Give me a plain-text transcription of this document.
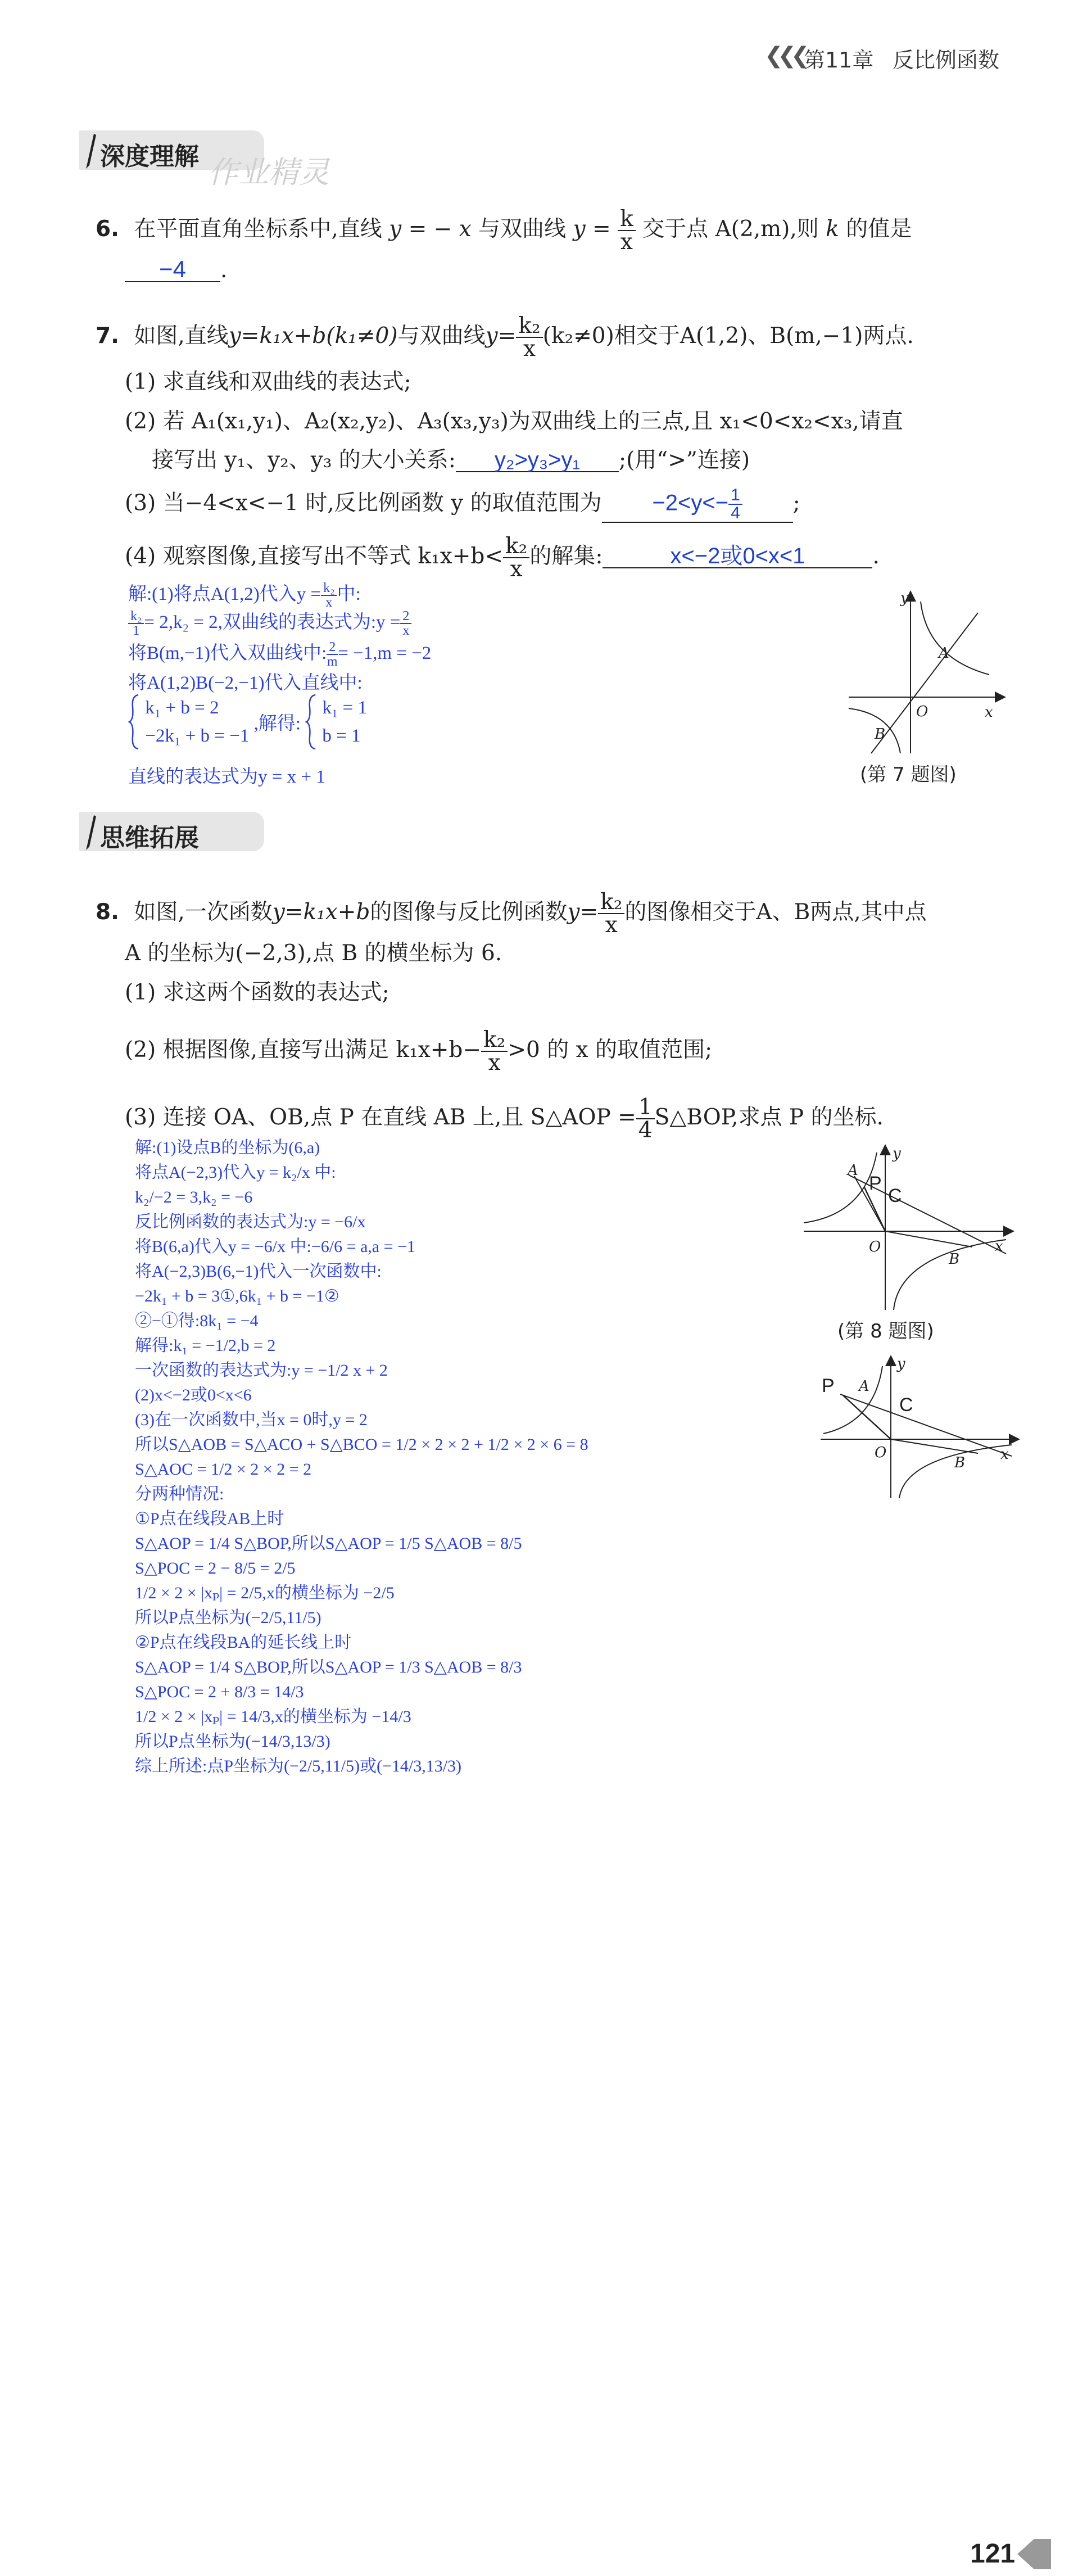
❮❮❮ 第11章 反比例函数
深度理解 作业精灵
6. 在平面直角坐标系中,直线 y = − x 与双曲线 $y = \frac{k}{x}$ 交于点 A(2,m),则 k 的值是
−4 .
7. 如图,直线y=k₁x+b(k₁≠0)与双曲线$y= \frac{\text{k₂}}{x} (k_2\ne 0)$相交于A(1,2)、B(m,−1)两点.
(1) 求直线和双曲线的表达式;
(2) 若 A₁(x₁,y₁)、A₂(x₂,y₂)、A₃(x₃,y₃)为双曲线上的三点,且 x₁<0<x₂<x₃,请直
接写出 y₁、y₂、y₃ 的大小关系: y₂>y₃>y₁ ;(用“>”连接)
(3) 当−4<x<−1 时,反比例函数 y 的取值范围为 $-2<y<- \frac{1}{4}$ ;
(4) 观察图像,直接写出不等式 $k_1x+b< \frac{\text{k₂}}{x}$ 的解集:	x<−2或0<x<1	.
解:(1)将点A(1,2)代入$y = \frac{\text{k₂}}{x}$ 中:
$\frac{\text{k₂}}{1} = 2,k_2 = 2$,双曲线的表达式为:y = $\frac{2}{x}$
将B(m,−1)代入双曲线中: $\frac{2}{m} = -1,m = -2$
将A(1,2)B(−2,−1)代入直线中:

k₁ + b = 2
−2k₁ + b = −1
,解得:
k₁ = 1
b = 1
直线的表达式为y = x + 1
y
x
O
A
B
(第 7 题图)
思维拓展
8. 如图,一次函数y=k₁x+b的图像与反比例函数$y= \frac{\text{k₂}}{x}$ 的图像相交于A、B两点,其中点
A 的坐标为(−2,3),点 B 的横坐标为 6.
(1) 求这两个函数的表达式;
(2) 根据图像,直接写出满足 $k_1x+b- \frac{\text{k₂}}{x} >0$ 的 x 的取值范围;
(3) 连接 OA、OB,点 P 在直线 AB 上,且 S△AOP = $\frac{1}{4}$ S△BOP,求点 P 的坐标.
解:(1)设点B的坐标为(6,a)
将点A(−2,3)代入y = k₂/x 中:
k₂/−2 = 3,k₂ = −6
反比例函数的表达式为:y = −6/x
将B(6,a)代入y = −6/x 中:−6/6 = a,a = −1
将A(−2,3)B(6,−1)代入一次函数中:
−2k₁ + b = 3①,6k₁ + b = −1②
②−①得:8k₁ = −4
解得:k₁ = −1/2,b = 2
一次函数的表达式为:y = −1/2 x + 2
(2)x<−2或0<x<6
(3)在一次函数中,当x = 0时,y = 2
所以S△AOB = S△ACO + S△BCO = 1/2 × 2 × 2 + 1/2 × 2 × 6 = 8
S△AOC = 1/2 × 2 × 2 = 2
分两种情况:
①P点在线段AB上时
S△AOP = 1/4 S△BOP,所以S△AOP = 1/5 S△AOB = 8/5
S△POC = 2 − 8/5 = 2/5
1/2 × 2 × |xₚ| = 2/5,x的横坐标为 −2/5
所以P点坐标为(−2/5,11/5)
②P点在线段BA的延长线上时
S△AOP = 1/4 S△BOP,所以S△AOP = 1/3 S△AOB = 8/3
S△POC = 2 + 8/3 = 14/3
1/2 × 2 × |xₚ| = 14/3,x的横坐标为 −14/3
所以P点坐标为(−14/3,13/3)
综上所述:点P坐标为(−2/5,11/5)或(−14/3,13/3)
y
x
O
A
B
P
C
(第 8 题图)
y
x
O
A
B
P
C
121
